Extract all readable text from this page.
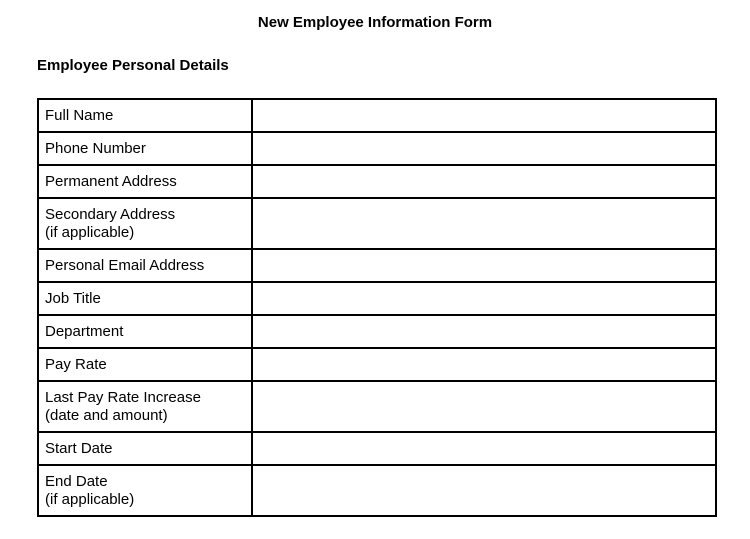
New Employee Information Form
Employee Personal Details
Full Name

Phone Number

Permanent Address

Secondary Address
(if applicable)

Personal Email Address

Job Title

Department

Pay Rate

Last Pay Rate Increase
(date and amount)

Start Date

End Date
(if applicable)
